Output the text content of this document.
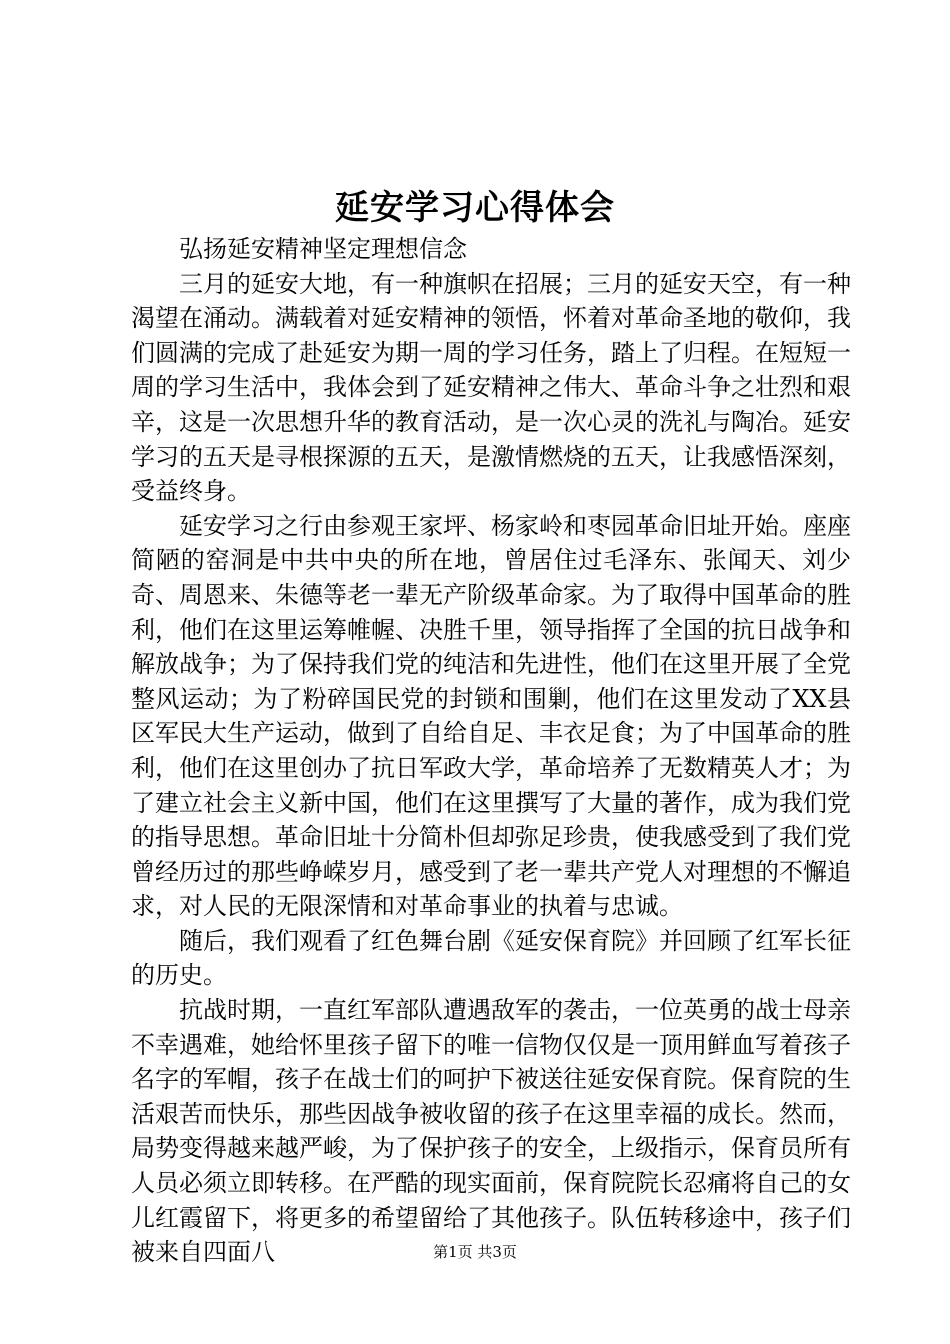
延安学习心得体会

弘扬延安精神坚定理想信念

三月的延安大地，有一种旗帜在招展；三月的延安天空，有一种渴望在涌动。满载着对延安精神的领悟，怀着对革命圣地的敬仰，我们圆满的完成了赴延安为期一周的学习任务，踏上了归程。在短短一周的学习生活中，我体会到了延安精神之伟大、革命斗争之壮烈和艰辛，这是一次思想升华的教育活动，是一次心灵的洗礼与陶冶。延安学习的五天是寻根探源的五天，是激情燃烧的五天，让我感悟深刻，受益终身。

延安学习之行由参观王家坪、杨家岭和枣园革命旧址开始。座座简陋的窑洞是中共中央的所在地，曾居住过毛泽东、张闻天、刘少奇、周恩来、朱德等老一辈无产阶级革命家。为了取得中国革命的胜利，他们在这里运筹帷幄、决胜千里，领导指挥了全国的抗日战争和解放战争；为了保持我们党的纯洁和先进性，他们在这里开展了全党整风运动；为了粉碎国民党的封锁和围剿，他们在这里发动了XX县区军民大生产运动，做到了自给自足、丰衣足食；为了中国革命的胜利，他们在这里创办了抗日军政大学，革命培养了无数精英人才；为了建立社会主义新中国，他们在这里撰写了大量的著作，成为我们党的指导思想。革命旧址十分简朴但却弥足珍贵，使我感受到了我们党曾经历过的那些峥嵘岁月，感受到了老一辈共产党人对理想的不懈追求，对人民的无限深情和对革命事业的执着与忠诚。

随后，我们观看了红色舞台剧《延安保育院》并回顾了红军长征的历史。

抗战时期，一直红军部队遭遇敌军的袭击，一位英勇的战士母亲不幸遇难，她给怀里孩子留下的唯一信物仅仅是一顶用鲜血写着孩子名字的军帽，孩子在战士们的呵护下被送往延安保育院。保育院的生活艰苦而快乐，那些因战争被收留的孩子在这里幸福的成长。然而，局势变得越来越严峻，为了保护孩子的安全，上级指示，保育员所有人员必须立即转移。在严酷的现实面前，保育院院长忍痛将自己的女儿红霞留下，将更多的希望留给了其他孩子。队伍转移途中，孩子们被来自四面八	第1页 共3页
